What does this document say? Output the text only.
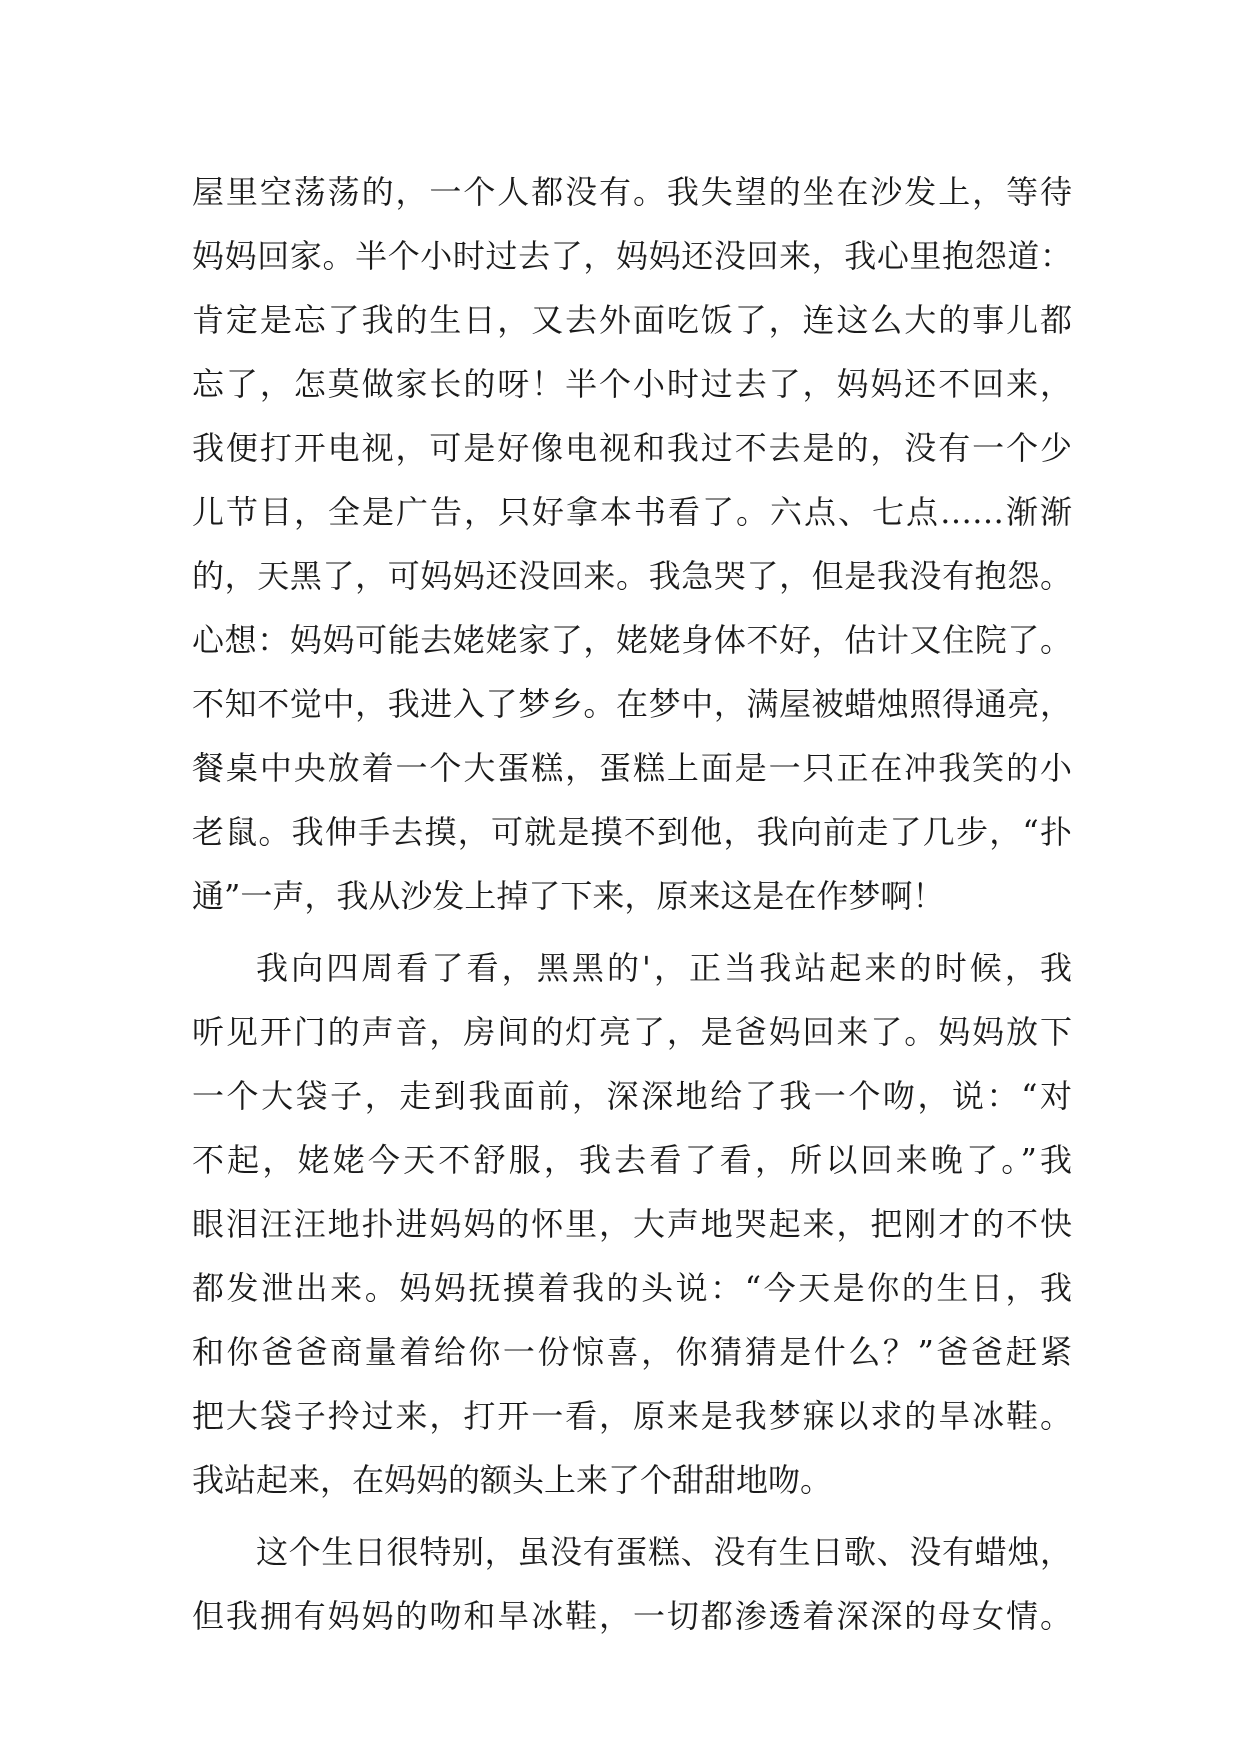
屋里空荡荡的，一个人都没有。我失望的坐在沙发上，等待
妈妈回家。半个小时过去了，妈妈还没回来，我心里抱怨道：
肯定是忘了我的生日，又去外面吃饭了，连这么大的事儿都
忘了，怎莫做家长的呀！半个小时过去了，妈妈还不回来，
我便打开电视，可是好像电视和我过不去是的，没有一个少
儿节目，全是广告，只好拿本书看了。六点、七点……渐渐
的，天黑了，可妈妈还没回来。我急哭了，但是我没有抱怨。
心想：妈妈可能去姥姥家了，姥姥身体不好，估计又住院了。
不知不觉中，我进入了梦乡。在梦中，满屋被蜡烛照得通亮，
餐桌中央放着一个大蛋糕，蛋糕上面是一只正在冲我笑的小
老鼠。我伸手去摸，可就是摸不到他，我向前走了几步，“扑
通”一声，我从沙发上掉了下来，原来这是在作梦啊！
我向四周看了看，黑黑的'，正当我站起来的时候，我
听见开门的声音，房间的灯亮了，是爸妈回来了。妈妈放下
一个大袋子，走到我面前，深深地给了我一个吻，说：“对
不起，姥姥今天不舒服，我去看了看，所以回来晚了。”我
眼泪汪汪地扑进妈妈的怀里，大声地哭起来，把刚才的不快
都发泄出来。妈妈抚摸着我的头说：“今天是你的生日，我
和你爸爸商量着给你一份惊喜，你猜猜是什么？”爸爸赶紧
把大袋子拎过来，打开一看，原来是我梦寐以求的旱冰鞋。
我站起来，在妈妈的额头上来了个甜甜地吻。
这个生日很特别，虽没有蛋糕、没有生日歌、没有蜡烛，
但我拥有妈妈的吻和旱冰鞋，一切都渗透着深深的母女情。
